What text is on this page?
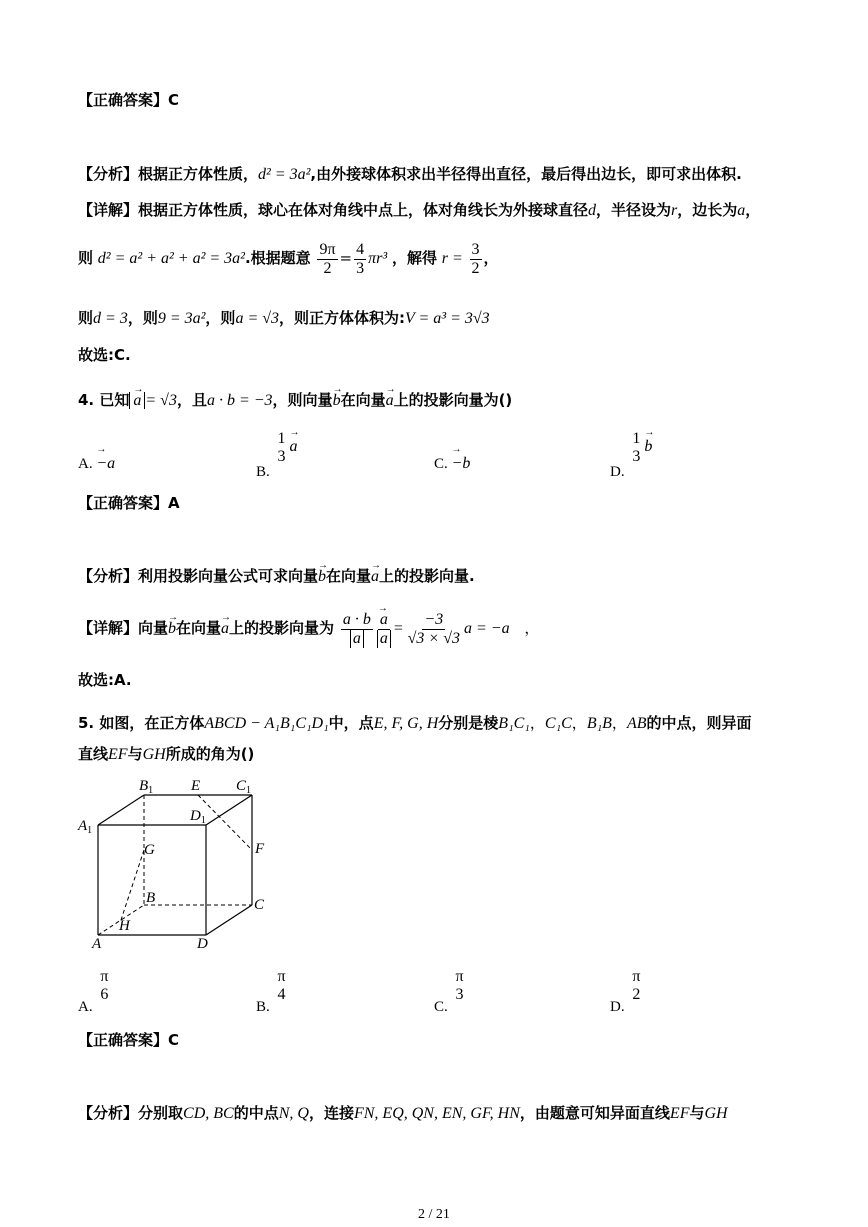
【正确答案】C
【分析】根据正方体性质，d² = 3a²,由外接球体积求出半径得出直径，最后得出边长，即可求出体积.
【详解】根据正方体性质，球心在体对角线中点上，体对角线长为外接球直径d，半径设为r，边长为a，
则 d² = a² + a² + a² = 3a².根据题意 $\frac{9\pi}{2} = \frac{4}{3} \pi r^3$ ，解得 $r = \frac{3}{2}$ ，
则d = 3，则9 = 3a²，则a = √3，则正方体体积为:V = a³ = 3√3
故选:C.
4. 已知→ a = √3，且a · b = −3，则向量→ b在向量→ a上的投影向量为()
A. → −a
B.
1
3
→ a
C. → −b
D.
1
3
→ b
【正确答案】A
【分析】利用投影向量公式可求向量→ b在向量→ a上的投影向量.
【详解】向量→ b在向量→ a上的投影向量为 $\frac{a \cdot b}{a}$
→ $\frac{a}{a} = \frac{-3}{√3 \times √3}$ a = −a ，
故选:A.
5. 如图，在正方体ABCD − A₁B₁C₁D₁中，点E, F, G, H分别是棱B₁C₁，C₁C，B₁B，AB的中点，则异面
直线EF与GH所成的角为()
$B_1$	E $C_1$
$A_1$
$D_1$
F
G
B	C
H
A	D
A.
π
6
B.
π
4
C.
π
3
D.
π
2
【正确答案】C
【分析】分别取CD, BC的中点N, Q，连接FN, EQ, QN, EN, GF, HN，由题意可知异面直线EF与GH
2 / 21
